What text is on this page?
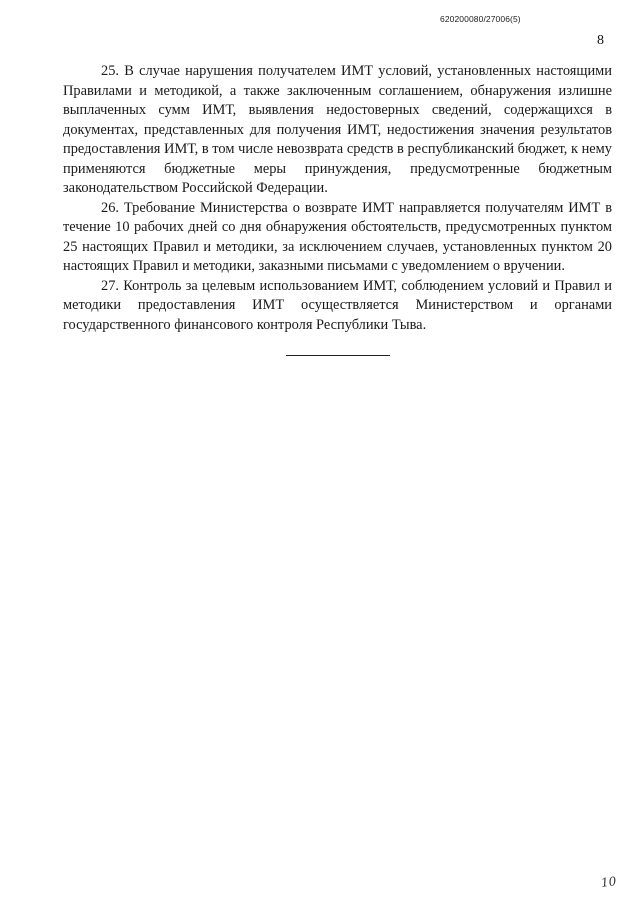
620200080/27006(5)
8

25. В случае нарушения получателем ИМТ условий, установленных настоящими Правилами и методикой, а также заключенным соглашением, обнаружения излишне выплаченных сумм ИМТ, выявления недостоверных сведений, содержащихся в документах, представленных для получения ИМТ, недостижения значения результатов предоставления ИМТ, в том числе невозврата средств в республиканский бюджет, к нему применяются бюджетные меры принуждения, предусмотренные бюджетным законодательством Российской Федерации.

26. Требование Министерства о возврате ИМТ направляется получателям ИМТ в течение 10 рабочих дней со дня обнаружения обстоятельств, предусмотренных пунктом 25 настоящих Правил и методики, за исключением случаев, установленных пунктом 20 настоящих Правил и методики, заказными письмами с уведомлением о вручении.

27. Контроль за целевым использованием ИМТ, соблюдением условий и Правил и методики предоставления ИМТ осуществляется Министерством и органами государственного финансового контроля Республики Тыва.

10
